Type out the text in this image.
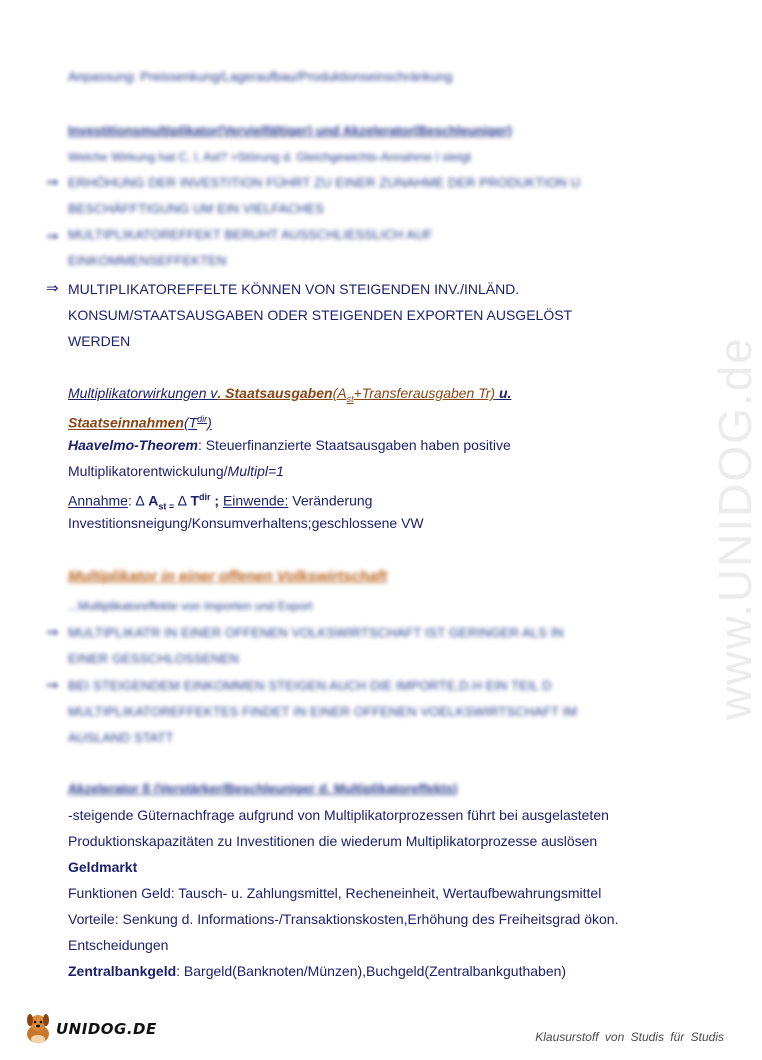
www.UNIDOG.de
Anpassung: Preissenkung/Lageraufbau/Produktionseinschränkung
Investitionsmultiplikator(Vervielfältiger) und Akzelerator(Beschleuniger)
Welche Wirkung hat C, I, Ast? >Störung d. Gleichgewichts-Annahme I steigt
⇒ ERHÖHUNG DER INVESTITION FÜHRT ZU EINER ZUNAHME DER PRODUKTION U
BESCHÄFFTIGUNG UM EIN VIELFACHES
⇒ MULTIPLIKATOREFFEKT BERUHT AUSSCHLIESSLICH AUF
EINKOMMENSEFFEKTEN
⇒ MULTIPLIKATOREFFELTE KÖNNEN VON STEIGENDEN INV./INLÄND.
KONSUM/STAATSAUSGABEN ODER STEIGENDEN EXPORTEN AUSGELÖST
WERDEN
Multiplikatorwirkungen v. $Staatsausgaben(A_{st}+Transferausgaben$ Tr) u.
$Staatseinnahmen(T^{dir})$
Haavelmo-Theorem: Steuerfinanzierte Staatsausgaben haben positive
Multiplikatorentwickulung/Multipl=1
Annahme: ∆ $A_{st =}$ ∆ $T^{dir}$ ; Einwende: Veränderung
Investitionsneigung/Konsumverhaltens;geschlossene VW
Multiplikator in einer offenen Volkswirtschaft
...Multiplikatoreffekte von Importen und Export
⇒ MULTIPLIKATR IN EINER OFFENEN VOLKSWIRTSCHAFT IST GERINGER ALS IN
EINER GESSCHLOSSENEN
⇒ BEI STEIGENDEM EINKOMMEN STEIGEN AUCH DIE IMPORTE,D.H EIN TEIL D
MULTIPLIKATOREFFEKTES FINDET IN EINER OFFENEN VOELKSWIRTSCHAFT IM
AUSLAND STATT
Akzelerator ß (Verstärker/Beschleuniger d. Multiplikatoreffekts)
-steigende Güternachfrage aufgrund von Multiplikatorprozessen führt bei ausgelasteten
Produktionskapazitäten zu Investitionen die wiederum Multiplikatorprozesse auslösen
Geldmarkt
Funktionen Geld: Tausch- u. Zahlungsmittel, Recheneinheit, Wertaufbewahrungsmittel
Vorteile: Senkung d. Informations-/Transaktionskosten,Erhöhung des Freiheitsgrad ökon.
Entscheidungen
Zentralbankgeld: Bargeld(Banknoten/Münzen),Buchgeld(Zentralbankguthaben)
UNIDOG.DE	Klausurstoff von Studis für Studis
